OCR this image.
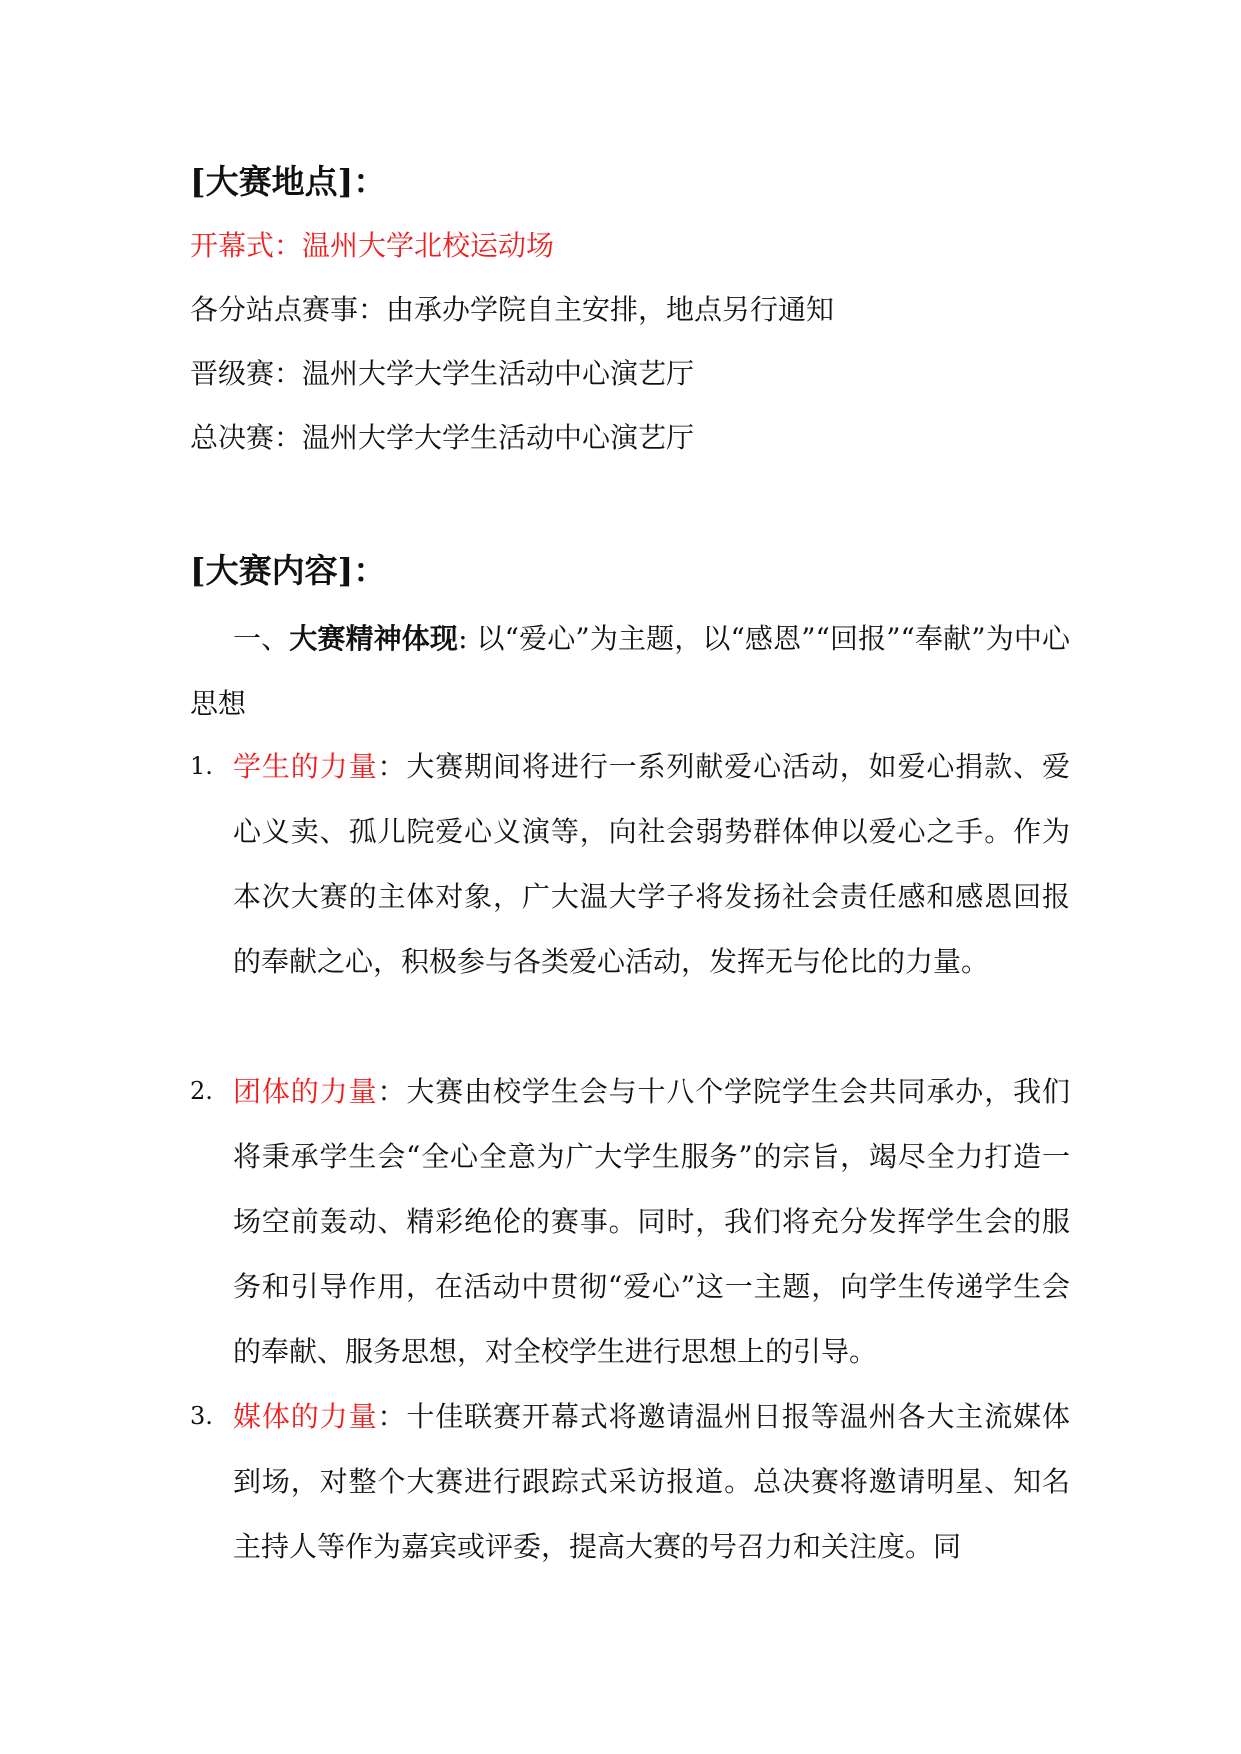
[大赛地点]：
开幕式：温州大学北校运动场
各分站点赛事：由承办学院自主安排，地点另行通知
晋级赛：温州大学大学生活动中心演艺厅
总决赛：温州大学大学生活动中心演艺厅
[大赛内容]：
一、大赛精神体现: 以“爱心”为主题，以“感恩”“回报”“奉献”为中心思想
1. 学生的力量：大赛期间将进行一系列献爱心活动，如爱心捐款、爱心义卖、孤儿院爱心义演等，向社会弱势群体伸以爱心之手。作为本次大赛的主体对象，广大温大学子将发扬社会责任感和感恩回报的奉献之心，积极参与各类爱心活动，发挥无与伦比的力量。
2. 团体的力量：大赛由校学生会与十八个学院学生会共同承办，我们将秉承学生会“全心全意为广大学生服务”的宗旨，竭尽全力打造一场空前轰动、精彩绝伦的赛事。同时，我们将充分发挥学生会的服务和引导作用，在活动中贯彻“爱心”这一主题，向学生传递学生会的奉献、服务思想，对全校学生进行思想上的引导。
3. 媒体的力量：十佳联赛开幕式将邀请温州日报等温州各大主流媒体到场，对整个大赛进行跟踪式采访报道。总决赛将邀请明星、知名主持人等作为嘉宾或评委，提高大赛的号召力和关注度。同
